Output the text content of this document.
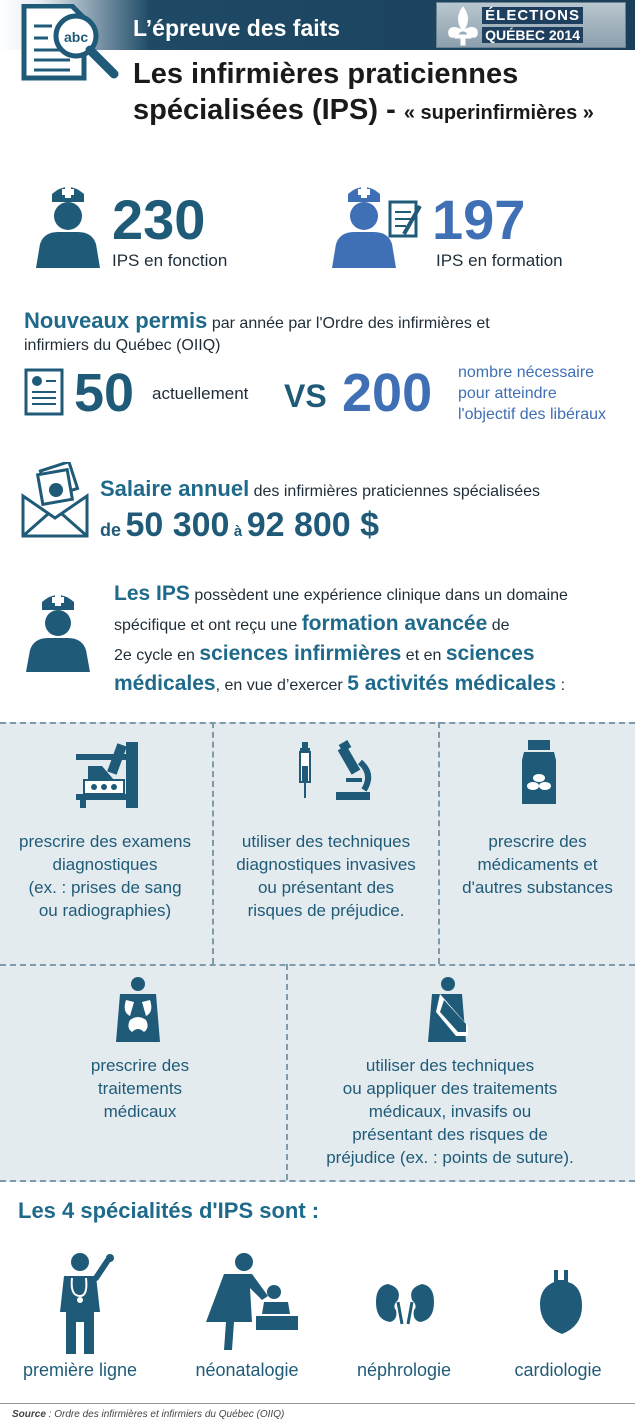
abc L’épreuve des faits	ÉLECTIONS
QUÉBEC 2014
Les infirmières praticiennes
spécialisées (IPS) - « superinfirmières »
230
IPS en fonction
197
IPS en formation
Nouveaux permis par année par l'Ordre des infirmières et
infirmiers du Québec (OIIQ)
50 actuellement VS 200 nombre nécessaire
pour atteindre
l'objectif des libéraux
Salaire annuel des infirmières praticiennes spécialisées
de 50 300 à 92 800 $
Les IPS possèdent une expérience clinique dans un domaine
spécifique et ont reçu une formation avancée de
2e cycle en sciences infirmières et en sciences
médicales, en vue d’exercer 5 activités médicales :
prescrire des examens
diagnostiques
(ex. : prises de sang
ou radiographies)
utiliser des techniques
diagnostiques invasives
ou présentant des
risques de préjudice.
prescrire des
médicaments et
d'autres substances
prescrire des
traitements
médicaux
utiliser des techniques
ou appliquer des traitements
médicaux, invasifs ou
présentant des risques de
préjudice (ex. : points de suture).
Les 4 spécialités d'IPS sont :
première ligne	néonatalogie	néphrologie	cardiologie
Source : Ordre des infirmières et infirmiers du Québec (OIIQ)
